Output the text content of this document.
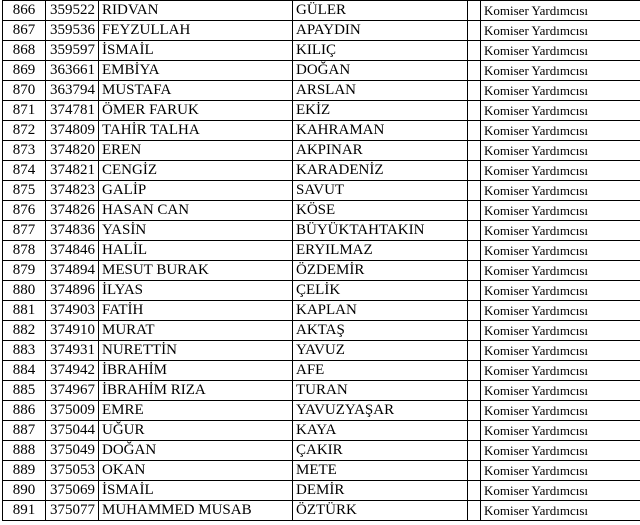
866	359522	RIDVAN	GÜLER		Komiser Yardımcısı
867	359536	FEYZULLAH	APAYDIN		Komiser Yardımcısı
868	359597	İSMAİL	KILIÇ		Komiser Yardımcısı
869	363661	EMBİYA	DOĞAN		Komiser Yardımcısı
870	363794	MUSTAFA	ARSLAN		Komiser Yardımcısı
871	374781	ÖMER FARUK	EKİZ		Komiser Yardımcısı
872	374809	TAHİR TALHA	KAHRAMAN		Komiser Yardımcısı
873	374820	EREN	AKPINAR		Komiser Yardımcısı
874	374821	CENGİZ	KARADENİZ		Komiser Yardımcısı
875	374823	GALİP	SAVUT		Komiser Yardımcısı
876	374826	HASAN CAN	KÖSE		Komiser Yardımcısı
877	374836	YASİN	BÜYÜKTAHTAKIN		Komiser Yardımcısı
878	374846	HALİL	ERYILMAZ		Komiser Yardımcısı
879	374894	MESUT BURAK	ÖZDEMİR		Komiser Yardımcısı
880	374896	İLYAS	ÇELİK		Komiser Yardımcısı
881	374903	FATİH	KAPLAN		Komiser Yardımcısı
882	374910	MURAT	AKTAŞ		Komiser Yardımcısı
883	374931	NURETTİN	YAVUZ		Komiser Yardımcısı
884	374942	İBRAHİM	AFE		Komiser Yardımcısı
885	374967	İBRAHİM RIZA	TURAN		Komiser Yardımcısı
886	375009	EMRE	YAVUZYAŞAR		Komiser Yardımcısı
887	375044	UĞUR	KAYA		Komiser Yardımcısı
888	375049	DOĞAN	ÇAKIR		Komiser Yardımcısı
889	375053	OKAN	METE		Komiser Yardımcısı
890	375069	İSMAİL	DEMİR		Komiser Yardımcısı
891	375077	MUHAMMED MUSAB	ÖZTÜRK		Komiser Yardımcısı
